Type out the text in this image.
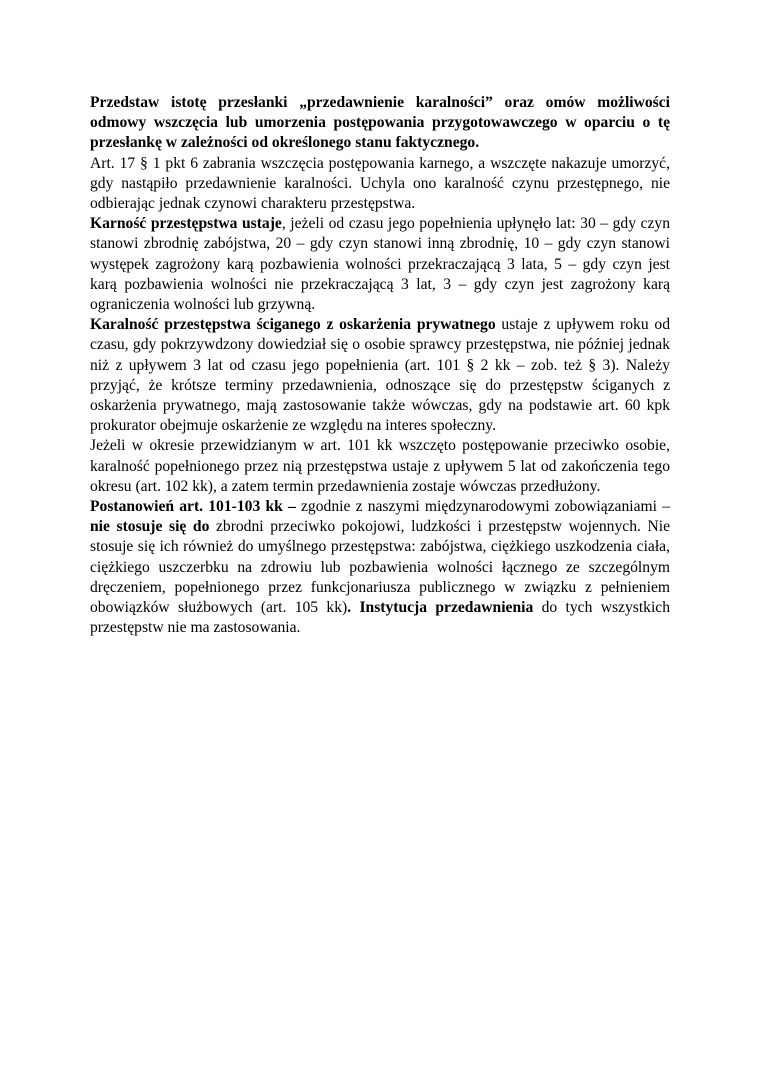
Przedstaw istotę przesłanki „przedawnienie karalności” oraz omów możliwości odmowy wszczęcia lub umorzenia postępowania przygotowawczego w oparciu o tę przesłankę w zależności od określonego stanu faktycznego.

Art. 17 § 1 pkt 6 zabrania wszczęcia postępowania karnego, a wszczęte nakazuje umorzyć, gdy nastąpiło przedawnienie karalności. Uchyla ono karalność czynu przestępnego, nie odbierając jednak czynowi charakteru przestępstwa.

Karność przestępstwa ustaje, jeżeli od czasu jego popełnienia upłynęło lat: 30 – gdy czyn stanowi zbrodnię zabójstwa, 20 – gdy czyn stanowi inną zbrodnię, 10 – gdy czyn stanowi występek zagrożony karą pozbawienia wolności przekraczającą 3 lata, 5 – gdy czyn jest karą pozbawienia wolności nie przekraczającą 3 lat, 3 – gdy czyn jest zagrożony karą ograniczenia wolności lub grzywną.

Karalność przestępstwa ściganego z oskarżenia prywatnego ustaje z upływem roku od czasu, gdy pokrzywdzony dowiedział się o osobie sprawcy przestępstwa, nie później jednak niż z upływem 3 lat od czasu jego popełnienia (art. 101 § 2 kk – zob. też § 3). Należy przyjąć, że krótsze terminy przedawnienia, odnoszące się do przestępstw ściganych z oskarżenia prywatnego, mają zastosowanie także wówczas, gdy na podstawie art. 60 kpk prokurator obejmuje oskarżenie ze względu na interes społeczny.

Jeżeli w okresie przewidzianym w art. 101 kk wszczęto postępowanie przeciwko osobie, karalność popełnionego przez nią przestępstwa ustaje z upływem 5 lat od zakończenia tego okresu (art. 102 kk), a zatem termin przedawnienia zostaje wówczas przedłużony.

Postanowień art. 101-103 kk – zgodnie z naszymi międzynarodowymi zobowiązaniami – nie stosuje się do zbrodni przeciwko pokojowi, ludzkości i przestępstw wojennych. Nie stosuje się ich również do umyślnego przestępstwa: zabójstwa, ciężkiego uszkodzenia ciała, ciężkiego uszczerbku na zdrowiu lub pozbawienia wolności łącznego ze szczególnym dręczeniem, popełnionego przez funkcjonariusza publicznego w związku z pełnieniem obowiązków służbowych (art. 105 kk). Instytucja przedawnienia do tych wszystkich przestępstw nie ma zastosowania.
